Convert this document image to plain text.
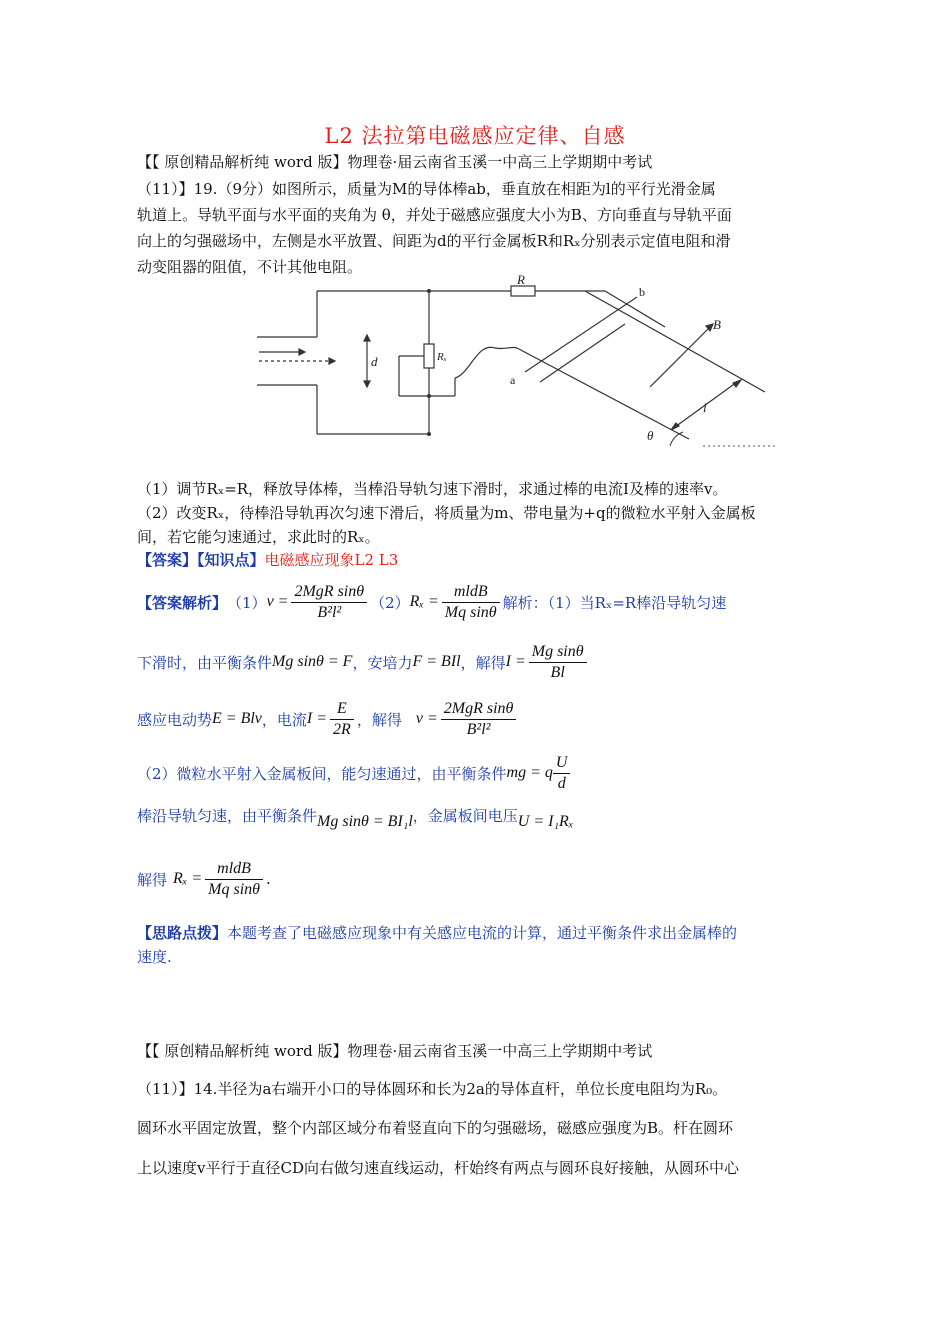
L2 法拉第电磁感应定律、自感
【【 原创精品解析纯 word 版】物理卷·届云南省玉溪一中高三上学期期中考试
（11）】19.（9分）如图所示，质量为M的导体棒ab，垂直放在相距为l的平行光滑金属
轨道上。导轨平面与水平面的夹角为 θ，并处于磁感应强度大小为B、方向垂直与导轨平面
向上的匀强磁场中，左侧是水平放置、间距为d的平行金属板R和Rₓ分别表示定值电阻和滑
动变阻器的阻值，不计其他电阻。
R
Rₓ
d
a
b
B
l
θ
（1）调节Rₓ=R，释放导体棒，当棒沿导轨匀速下滑时，求通过棒的电流I及棒的速率v。
（2）改变Rₓ，待棒沿导轨再次匀速下滑后，将质量为m、带电量为+q的微粒水平射入金属板
间，若它能匀速通过，求此时的Rₓ。
【答案】【知识点】电磁感应现象L2 L3
【答案解析】 （1） $v = \frac{\text{2MgR sinθ}}{\text{B²l²}} (2) R_x = \frac{\text{mldB}}{\text{Mq sinθ}}$ 解析：（1）当Rₓ=R棒沿导轨匀速
下滑时，由平衡条件 Mg sinθ = F ，安培力 F = BIl ，解得 $I = \frac{\text{Mg sinθ}}{Bl}$
感应电动势 E = Blv ，电流 $I = \frac{E}{2R}$ ，解得 $v = \frac{\text{2MgR sinθ}}{\text{B²l²}}$
（2）微粒水平射入金属板间，能匀速通过，由平衡条件 mg = q $\frac{U}{d}$
棒沿导轨匀速，由平衡条件 Mg sinθ = BI₁l ，金属板间电压 U = I₁Rₓ
解得 $R_x = \frac{\text{mldB}}{\text{Mq sinθ}}$ .
【思路点拨】本题考查了电磁感应现象中有关感应电流的计算，通过平衡条件求出金属棒的
速度.
【【 原创精品解析纯 word 版】物理卷·届云南省玉溪一中高三上学期期中考试
（11）】14.半径为a右端开小口的导体圆环和长为2a的导体直杆，单位长度电阻均为R₀。
圆环水平固定放置，整个内部区域分布着竖直向下的匀强磁场，磁感应强度为B。杆在圆环
上以速度v平行于直径CD向右做匀速直线运动，杆始终有两点与圆环良好接触，从圆环中心
